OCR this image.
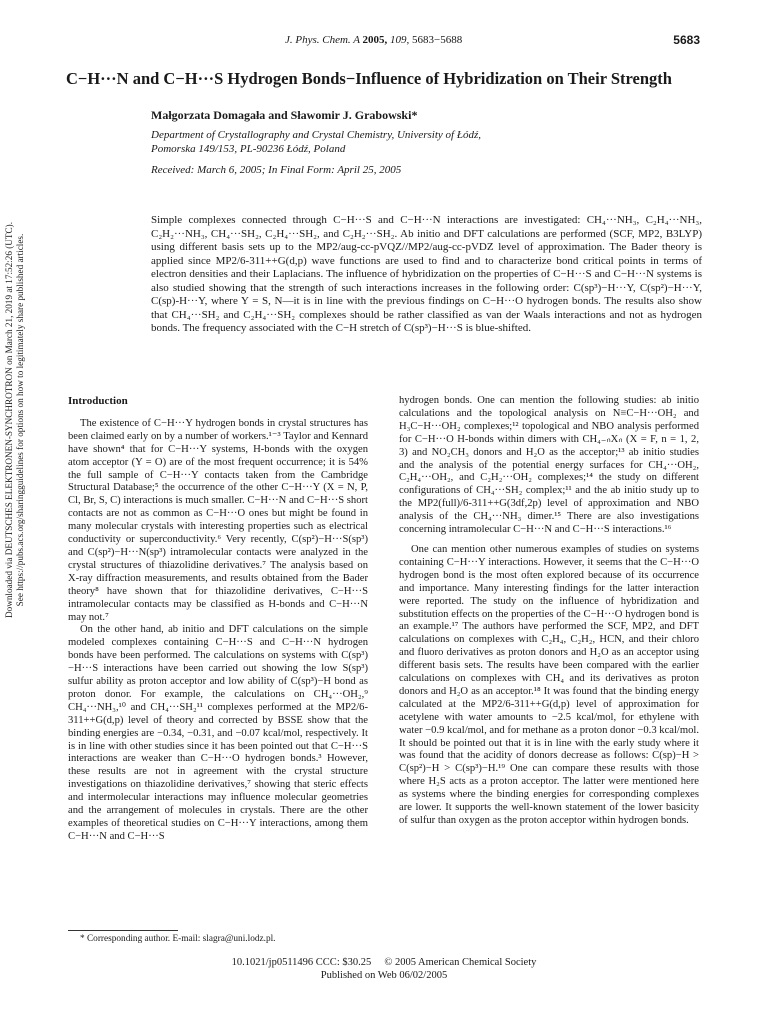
Downloaded via DEUTSCHES ELEKTRONEN-SYNCHROTRON on March 21, 2019 at 17:52:26 (UTC). See https://pubs.acs.org/sharingguidelines for options on how to legitimately share published articles.
J. Phys. Chem. A 2005, 109, 5683−5688	5683
C−H···N and C−H···S Hydrogen Bonds−Influence of Hybridization on Their Strength
Małgorzata Domagała and Sławomir J. Grabowski*
Department of Crystallography and Crystal Chemistry, University of Łódź,
Pomorska 149/153, PL-90236 Łódź, Poland
Received: March 6, 2005; In Final Form: April 25, 2005

Simple complexes connected through C−H···S and C−H···N interactions are investigated: CH₄···NH₃, C₂H₄···NH₃, C₂H₂···NH₃, CH₄···SH₂, C₂H₄···SH₂, and C₂H₂···SH₂. Ab initio and DFT calculations are performed (SCF, MP2, B3LYP) using different basis sets up to the MP2/aug-cc-pVQZ//MP2/aug-cc-pVDZ level of approximation. The Bader theory is applied since MP2/6-311++G(d,p) wave functions are used to find and to characterize bond critical points in terms of electron densities and their Laplacians. The influence of hybridization on the properties of C−H···S and C−H···N systems is also studied showing that the strength of such interactions increases in the following order: C(sp³)−H···Y, C(sp²)−H···Y, C(sp)-H···Y, where Y = S, N—it is in line with the previous findings on C−H···O hydrogen bonds. The results also show that CH₄···SH₂ and C₂H₄···SH₂ complexes should be rather classified as van der Waals interactions and not as hydrogen bonds. The frequency associated with the C−H stretch of C(sp³)−H···S is blue-shifted.

Introduction

The existence of C−H···Y hydrogen bonds in crystal structures has been claimed early on by a number of workers.¹⁻³ Taylor and Kennard have shown⁴ that for C−H···Y systems, H-bonds with the oxygen atom acceptor (Y = O) are of the most frequent occurrence; it is 54% the full sample of C−H···Y contacts taken from the Cambridge Structural Database;⁵ the occurrence of the other C−H···Y (X = N, P, Cl, Br, S, C) interactions is much smaller. C−H···N and C−H···S short contacts are not as common as C−H···O ones but might be found in many molecular crystals with interesting properties such as electrical conductivity or superconductivity.⁶ Very recently, C(sp²)−H···S(sp³) and C(sp²)−H···N(sp³) intramolecular contacts were analyzed in the crystal structures of thiazolidine derivatives.⁷ The analysis based on X-ray diffraction measurements, and results obtained from the Bader theory⁸ have shown that for thiazolidine derivatives, C−H···S intramolecular contacts may be classified as H-bonds and C−H···N may not.⁷

On the other hand, ab initio and DFT calculations on the simple modeled complexes containing C−H···S and C−H···N hydrogen bonds have been performed. The calculations on systems with C(sp³)−H···S interactions have been carried out showing the low S(sp³) sulfur ability as proton acceptor and low ability of C(sp³)−H bond as proton donor. For example, the calculations on CH₄···OH₂,⁹ CH₄···NH₃,¹⁰ and CH₄···SH₂¹¹ complexes performed at the MP2/6-311++G(d,p) level of theory and corrected by BSSE show that the binding energies are −0.34, −0.31, and −0.07 kcal/mol, respectively. It is in line with other studies since it has been pointed out that C−H···S interactions are weaker than C−H···O hydrogen bonds.³ However, these results are not in agreement with the crystal structure investigations on thiazolidine derivatives,⁷ showing that steric effects and intermolecular interactions may influence molecular geometries and the arrangement of molecules in crystals. There are the other examples of theoretical studies on C−H···Y interactions, among them C−H···N and C−H···S

hydrogen bonds. One can mention the following studies: ab initio calculations and the topological analysis on N≡C−H···OH₂ and H₃C−H···OH₂ complexes;¹² topological and NBO analysis performed for C−H···O H-bonds within dimers with CH₄₋ₙXₙ (X = F, n = 1, 2, 3) and NO₂CH₃ donors and H₂O as the acceptor;¹³ ab initio studies and the analysis of the potential energy surfaces for CH₄···OH₂, C₂H₄···OH₂, and C₂H₂···OH₂ complexes;¹⁴ the study on different configurations of CH₄···SH₂ complex;¹¹ and the ab initio study up to the MP2(full)/6-311++G(3df,2p) level of approximation and NBO analysis of the CH₄···NH₃ dimer.¹⁵ There are also investigations concerning intramolecular C−H···N and C−H···S interactions.¹⁶

One can mention other numerous examples of studies on systems containing C−H···Y interactions. However, it seems that the C−H···O hydrogen bond is the most often explored because of its occurrence and importance. Many interesting findings for the latter interaction were reported. The study on the influence of hybridization and substitution effects on the properties of the C−H···O hydrogen bond is an example.¹⁷ The authors have performed the SCF, MP2, and DFT calculations on complexes with C₂H₄, C₂H₂, HCN, and their chloro and fluoro derivatives as proton donors and H₂O as an acceptor using different basis sets. The results have been compared with the earlier calculations on complexes with CH₄ and its derivatives as proton donors and H₂O as an acceptor.¹⁸ It was found that the binding energy calculated at the MP2/6-311++G(d,p) level of approximation for acetylene with water amounts to −2.5 kcal/mol, for ethylene with water −0.9 kcal/mol, and for methane as a proton donor −0.3 kcal/mol. It should be pointed out that it is in line with the early study where it was found that the acidity of donors decrease as follows: C(sp)−H > C(sp²)−H > C(sp³)−H.¹⁹ One can compare these results with those where H₂S acts as a proton acceptor. The latter were mentioned here as systems where the binding energies for corresponding complexes are lower. It supports the well-known statement of the lower basicity of sulfur than oxygen as the proton acceptor within hydrogen bonds.

* Corresponding author. E-mail: slagra@uni.lodz.pl.
10.1021/jp0511496 CCC: $30.25     © 2005 American Chemical Society
Published on Web 06/02/2005
